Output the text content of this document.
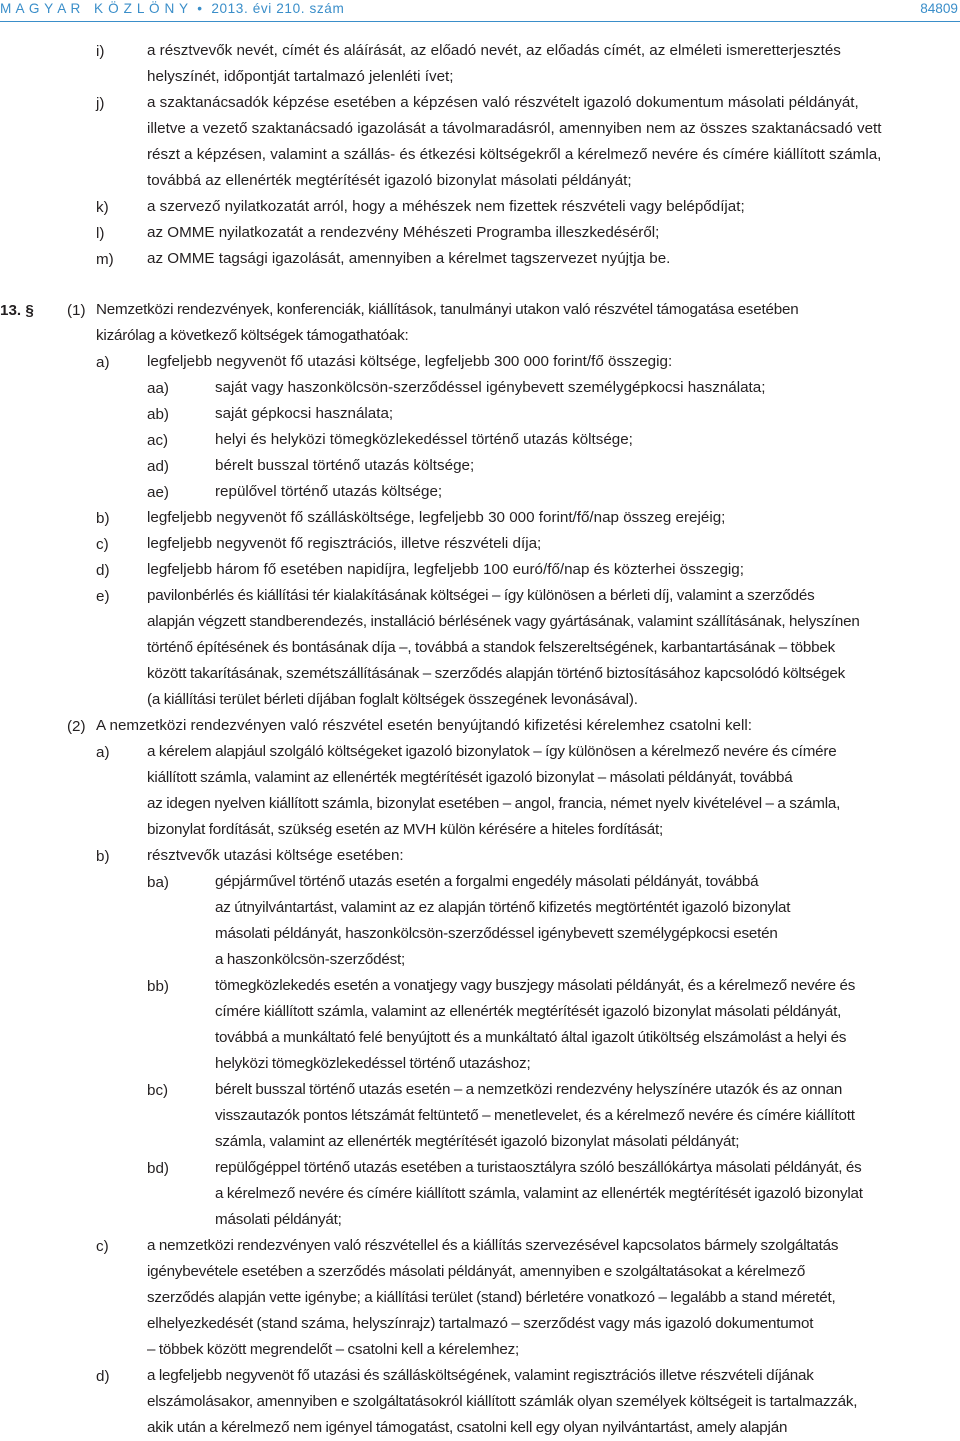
M A G Y A R   K Ö Z L Ö N Y  •  2013. évi 210. szám	84809
i)	a résztvevők nevét, címét és aláírását, az előadó nevét, az előadás címét, az elméleti ismeretterjesztés
helyszínét, időpontját tartalmazó jelenléti ívet;

j)	a szaktanácsadók képzése esetében a képzésen való részvételt igazoló dokumentum másolati példányát,
illetve a vezető szaktanácsadó igazolását a távolmaradásról, amennyiben nem az összes szaktanácsadó vett
részt a képzésen, valamint a szállás- és étkezési költségekről a kérelmező nevére és címére kiállított számla,
továbbá az ellenérték megtérítését igazoló bizonylat másolati példányát;

k)	a szervező nyilatkozatát arról, hogy a méhészek nem fizettek részvételi vagy belépődíjat;

l)	az OMME nyilatkozatát a rendezvény Méhészeti Programba illeszkedéséről;

m) az OMME tagsági igazolását, amennyiben a kérelmet tagszervezet nyújtja be.

13. § (1) Nemzetközi rendezvények, konferenciák, kiállítások, tanulmányi utakon való részvétel támogatása esetében
kizárólag a következő költségek támogathatóak:

a) legfeljebb negyvenöt fő utazási költsége, legfeljebb 300 000 forint/fő összegig:

aa)	saját vagy haszonkölcsön-szerződéssel igénybevett személygépkocsi használata;

ab)	saját gépkocsi használata;

ac)	helyi és helyközi tömegközlekedéssel történő utazás költsége;

ad)	bérelt busszal történő utazás költsége;

ae)	repülővel történő utazás költsége;

b) legfeljebb negyvenöt fő szállásköltsége, legfeljebb 30 000 forint/fő/nap összeg erejéig;

c)	legfeljebb negyvenöt fő regisztrációs, illetve részvételi díja;

d) legfeljebb három fő esetében napidíjra, legfeljebb 100 euró/fő/nap és közterhei összegig;

e) pavilonbérlés és kiállítási tér kialakításának költségei – így különösen a bérleti díj, valamint a szerződés
alapján végzett standberendezés, installáció bérlésének vagy gyártásának, valamint szállításának, helyszínen
történő építésének és bontásának díja –, továbbá a standok felszereltségének, karbantartásának – többek
között takarításának, szemétszállításának – szerződés alapján történő biztosításához kapcsolódó költségek
(a kiállítási terület bérleti díjában foglalt költségek összegének levonásával).

(2) A nemzetközi rendezvényen való részvétel esetén benyújtandó kifizetési kérelemhez csatolni kell:

a) a kérelem alapjául szolgáló költségeket igazoló bizonylatok – így különösen a kérelmező nevére és címére
kiállított számla, valamint az ellenérték megtérítését igazoló bizonylat – másolati példányát, továbbá
az idegen nyelven kiállított számla, bizonylat esetében – angol, francia, német nyelv kivételével – a számla,
bizonylat fordítását, szükség esetén az MVH külön kérésére a hiteles fordítását;

b) résztvevők utazási költsége esetében:

ba)	gépjárművel történő utazás esetén a forgalmi engedély másolati példányát, továbbá
az útnyilvántartást, valamint az ez alapján történő kifizetés megtörténtét igazoló bizonylat
másolati példányát, haszonkölcsön-szerződéssel igénybevett személygépkocsi esetén
a haszonkölcsön-szerződést;

bb)	tömegközlekedés esetén a vonatjegy vagy buszjegy másolati példányát, és a kérelmező nevére és
címére kiállított számla, valamint az ellenérték megtérítését igazoló bizonylat másolati példányát,
továbbá a munkáltató felé benyújtott és a munkáltató által igazolt útiköltség elszámolást a helyi és
helyközi tömegközlekedéssel történő utazáshoz;

bc)	bérelt busszal történő utazás esetén – a nemzetközi rendezvény helyszínére utazók és az onnan
visszautazók pontos létszámát feltüntető – menetlevelet, és a kérelmező nevére és címére kiállított
számla, valamint az ellenérték megtérítését igazoló bizonylat másolati példányát;

bd)	repülőgéppel történő utazás esetében a turistaosztályra szóló beszállókártya másolati példányát, és
a kérelmező nevére és címére kiállított számla, valamint az ellenérték megtérítését igazoló bizonylat
másolati példányát;

c)	a nemzetközi rendezvényen való részvétellel és a kiállítás szervezésével kapcsolatos bármely szolgáltatás
igénybevétele esetében a szerződés másolati példányát, amennyiben e szolgáltatásokat a kérelmező
szerződés alapján vette igénybe; a kiállítási terület (stand) bérletére vonatkozó – legalább a stand méretét,
elhelyezkedését (stand száma, helyszínrajz) tartalmazó – szerződést vagy más igazoló dokumentumot
– többek között megrendelőt – csatolni kell a kérelemhez;

d) a legfeljebb negyvenöt fő utazási és szállásköltségének, valamint regisztrációs illetve részvételi díjának
elszámolásakor, amennyiben e szolgáltatásokról kiállított számlák olyan személyek költségeit is tartalmazzák,
akik után a kérelmező nem igényel támogatást, csatolni kell egy olyan nyilvántartást, amely alapján
